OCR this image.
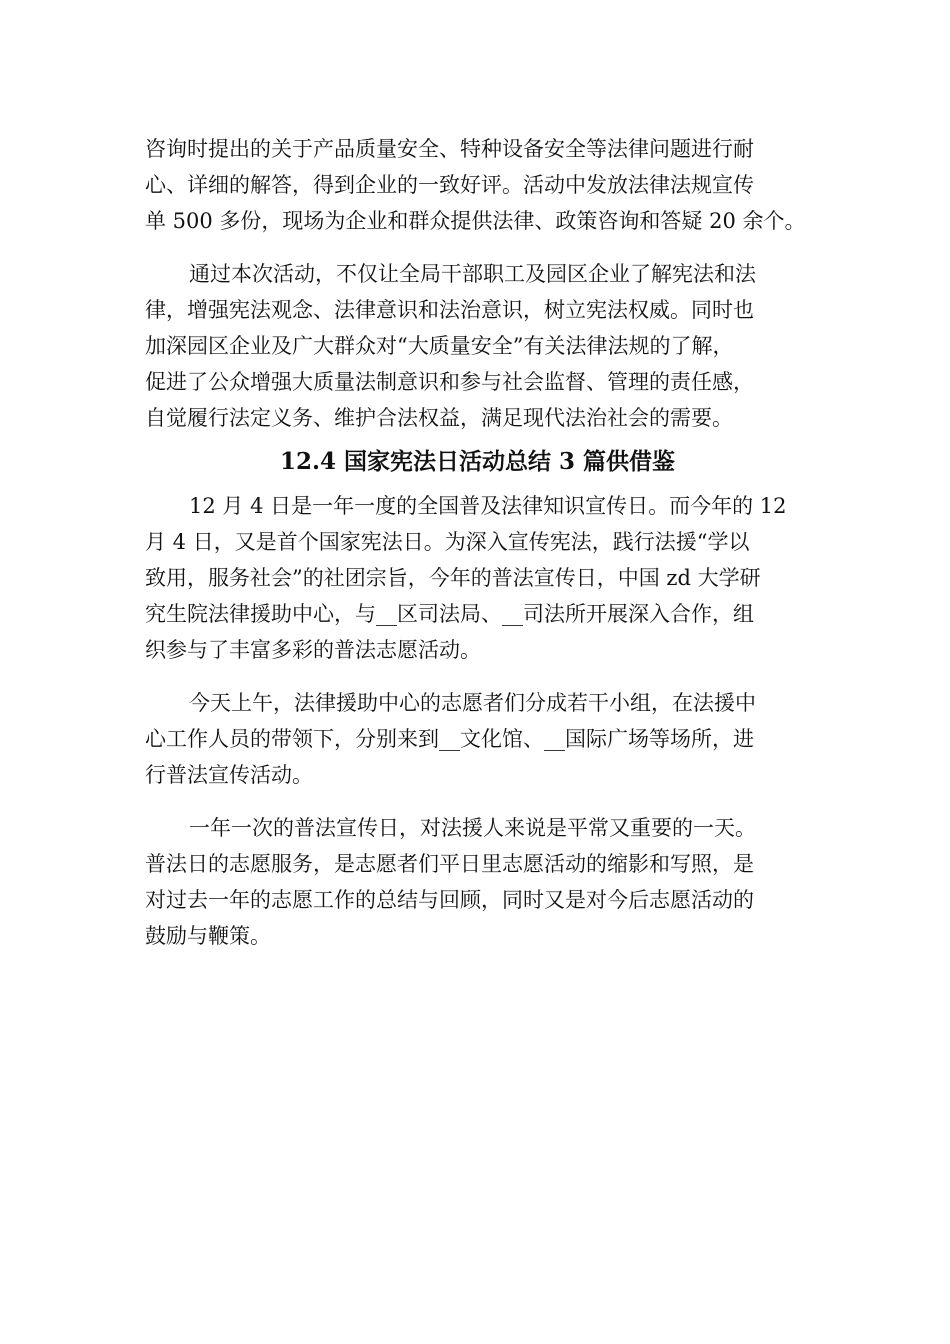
咨询时提出的关于产品质量安全、特种设备安全等法律问题进行耐
心、详细的解答，得到企业的一致好评。活动中发放法律法规宣传
单 500 多份，现场为企业和群众提供法律、政策咨询和答疑 20 余个。
通过本次活动，不仅让全局干部职工及园区企业了解宪法和法
律，增强宪法观念、法律意识和法治意识，树立宪法权威。同时也
加深园区企业及广大群众对“大质量安全”有关法律法规的了解，
促进了公众增强大质量法制意识和参与社会监督、管理的责任感，
自觉履行法定义务、维护合法权益，满足现代法治社会的需要。
12.4 国家宪法日活动总结 3 篇供借鉴
12 月 4 日是一年一度的全国普及法律知识宣传日。而今年的 12
月 4 日，又是首个国家宪法日。为深入宣传宪法，践行法援“学以
致用，服务社会”的社团宗旨，今年的普法宣传日，中国 zd 大学研
究生院法律援助中心，与__区司法局、__司法所开展深入合作，组
织参与了丰富多彩的普法志愿活动。
今天上午，法律援助中心的志愿者们分成若干小组，在法援中
心工作人员的带领下，分别来到__文化馆、__国际广场等场所，进
行普法宣传活动。
一年一次的普法宣传日，对法援人来说是平常又重要的一天。
普法日的志愿服务，是志愿者们平日里志愿活动的缩影和写照，是
对过去一年的志愿工作的总结与回顾，同时又是对今后志愿活动的
鼓励与鞭策。
